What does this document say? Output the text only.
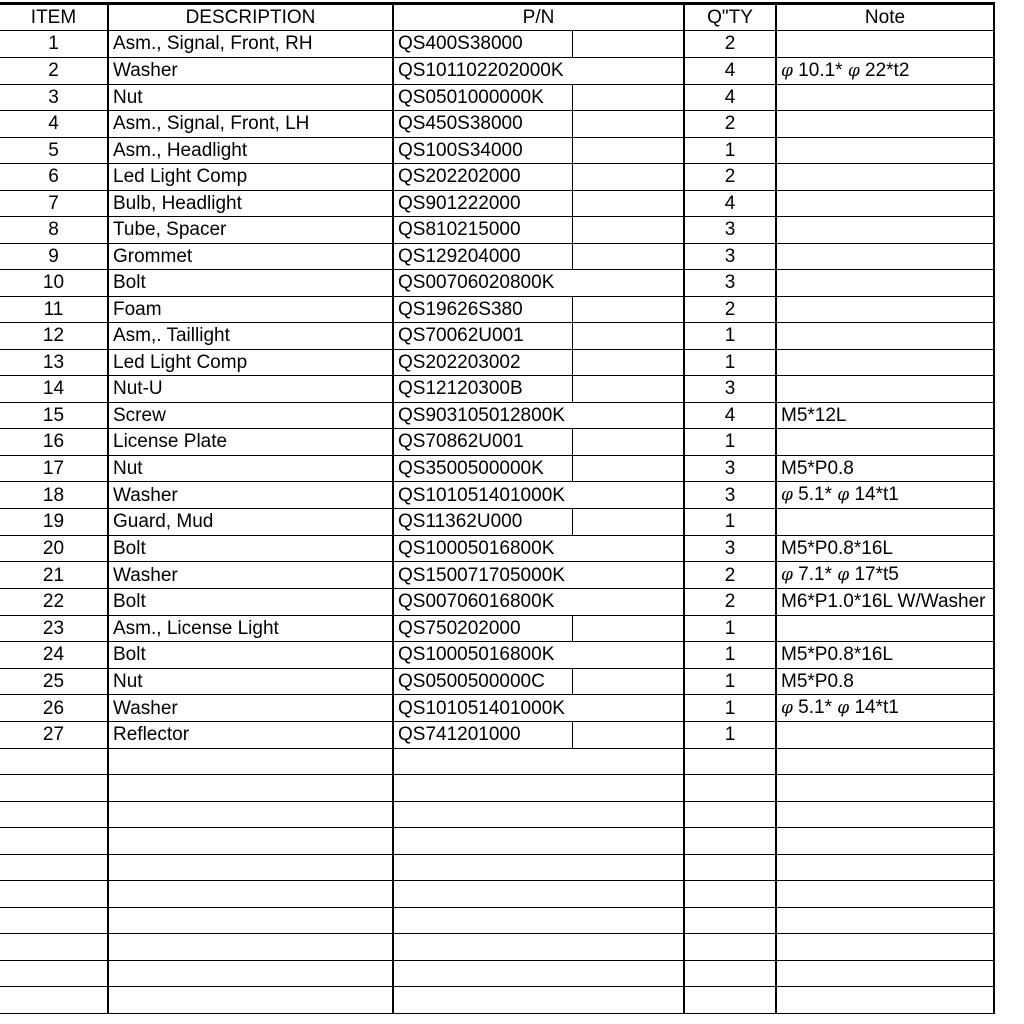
ITEM	DESCRIPTION	P/N	Q"TY	Note
1	Asm., Signal, Front, RH	QS400S38000	2	
2	Washer	QS101102202000K	4	φ 10.1* φ 22*t2
3	Nut	QS0501000000K	4	
4	Asm., Signal, Front, LH	QS450S38000	2	
5	Asm., Headlight	QS100S34000	1	
6	Led Light Comp	QS202202000	2	
7	Bulb, Headlight	QS901222000	4	
8	Tube, Spacer	QS810215000	3	
9	Grommet	QS129204000	3	
10	Bolt	QS00706020800K	3	
11	Foam	QS19626S380	2	
12	Asm,. Taillight	QS70062U001	1	
13	Led Light Comp	QS202203002	1	
14	Nut-U	QS12120300B	3	
15	Screw	QS903105012800K	4	M5*12L
16	License Plate	QS70862U001	1	
17	Nut	QS3500500000K	3	M5*P0.8
18	Washer	QS101051401000K	3	φ 5.1* φ 14*t1
19	Guard, Mud	QS11362U000	1	
20	Bolt	QS10005016800K	3	M5*P0.8*16L
21	Washer	QS150071705000K	2	φ 7.1* φ 17*t5
22	Bolt	QS00706016800K	2	M6*P1.0*16L W/Washer
23	Asm., License Light	QS750202000	1	
24	Bolt	QS10005016800K	1	M5*P0.8*16L
25	Nut	QS0500500000C	1	M5*P0.8
26	Washer	QS101051401000K	1	φ 5.1* φ 14*t1
27	Reflector	QS741201000	1	
